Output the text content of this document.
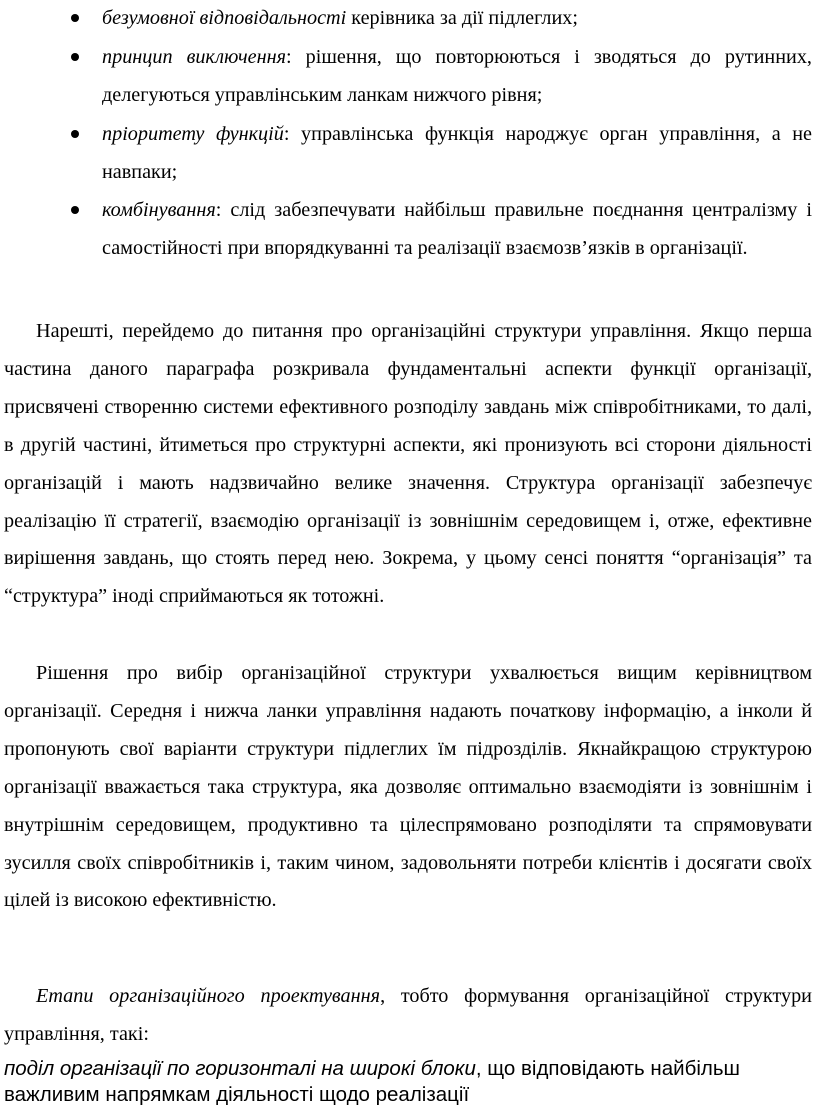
безумовної відповідальності керівника за дії підлеглих;
принцип виключення: рішення, що повторюються і зводяться до рутинних, делегуються управлінським ланкам нижчого рівня;
пріоритету функцій: управлінська функція народжує орган управління, а не навпаки;
комбінування: слід забезпечувати найбільш правильне поєднання централізму і самостійності при впорядкуванні та реалізації взаємозв’язків в організації.

Нарешті, перейдемо до питання про організаційні структури управління. Якщо перша частина даного параграфа розкривала фундаментальні аспекти функції організації, присвячені створенню системи ефективного розподілу завдань між співробітниками, то далі, в другій частині, йтиметься про структурні аспекти, які пронизують всі сторони діяльності організацій і мають надзвичайно велике значення. Структура організації забезпечує реалізацію її стратегії, взаємодію організації із зовнішнім середовищем і, отже, ефективне вирішення завдань, що стоять перед нею. Зокрема, у цьому сенсі поняття “організація” та “структура” іноді сприймаються як тотожні.

Рішення про вибір організаційної структури ухвалюється вищим керівництвом організації. Середня і нижча ланки управління надають початкову інформацію, а інколи й пропонують свої варіанти структури підлеглих їм підрозділів. Якнайкращою структурою організації вважається така структура, яка дозволяє оптимально взаємодіяти із зовнішнім і внутрішнім середовищем, продуктивно та цілеспрямовано розподіляти та спрямовувати зусилля своїх співробітників і, таким чином, задовольняти потреби клієнтів і досягати своїх цілей із високою ефективністю.

Етапи організаційного проектування, тобто формування організаційної структури управління, такі:

поділ організації по горизонталі на широкі блоки, що відповідають найбільш важливим напрямкам діяльності щодо реалізації
